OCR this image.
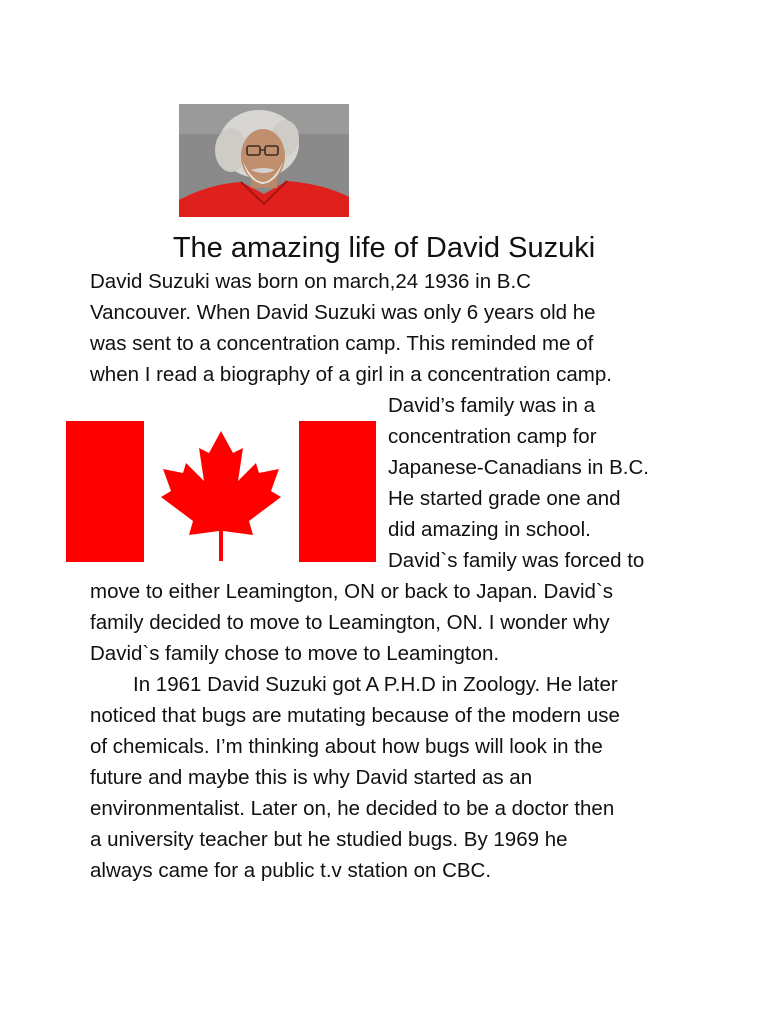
The amazing life of David Suzuki
David Suzuki was born on march,24 1936 in B.C
Vancouver. When David Suzuki was only 6 years old he
was sent to a concentration camp. This reminded me of
when I read a biography of a girl in a concentration camp.
David’s family was in a
concentration camp for
Japanese-Canadians in B.C.
He started grade one and
did amazing in school.
David`s family was forced to
move to either Leamington, ON or back to Japan. David`s
family decided to move to Leamington, ON. I wonder why
David`s family chose to move to Leamington.
In 1961 David Suzuki got A P.H.D in Zoology. He later
noticed that bugs are mutating because of the modern use
of chemicals. I’m thinking about how bugs will look in the
future and maybe this is why David started as an
environmentalist. Later on, he decided to be a doctor then
a university teacher but he studied bugs. By 1969 he
always came for a public t.v station on CBC.
